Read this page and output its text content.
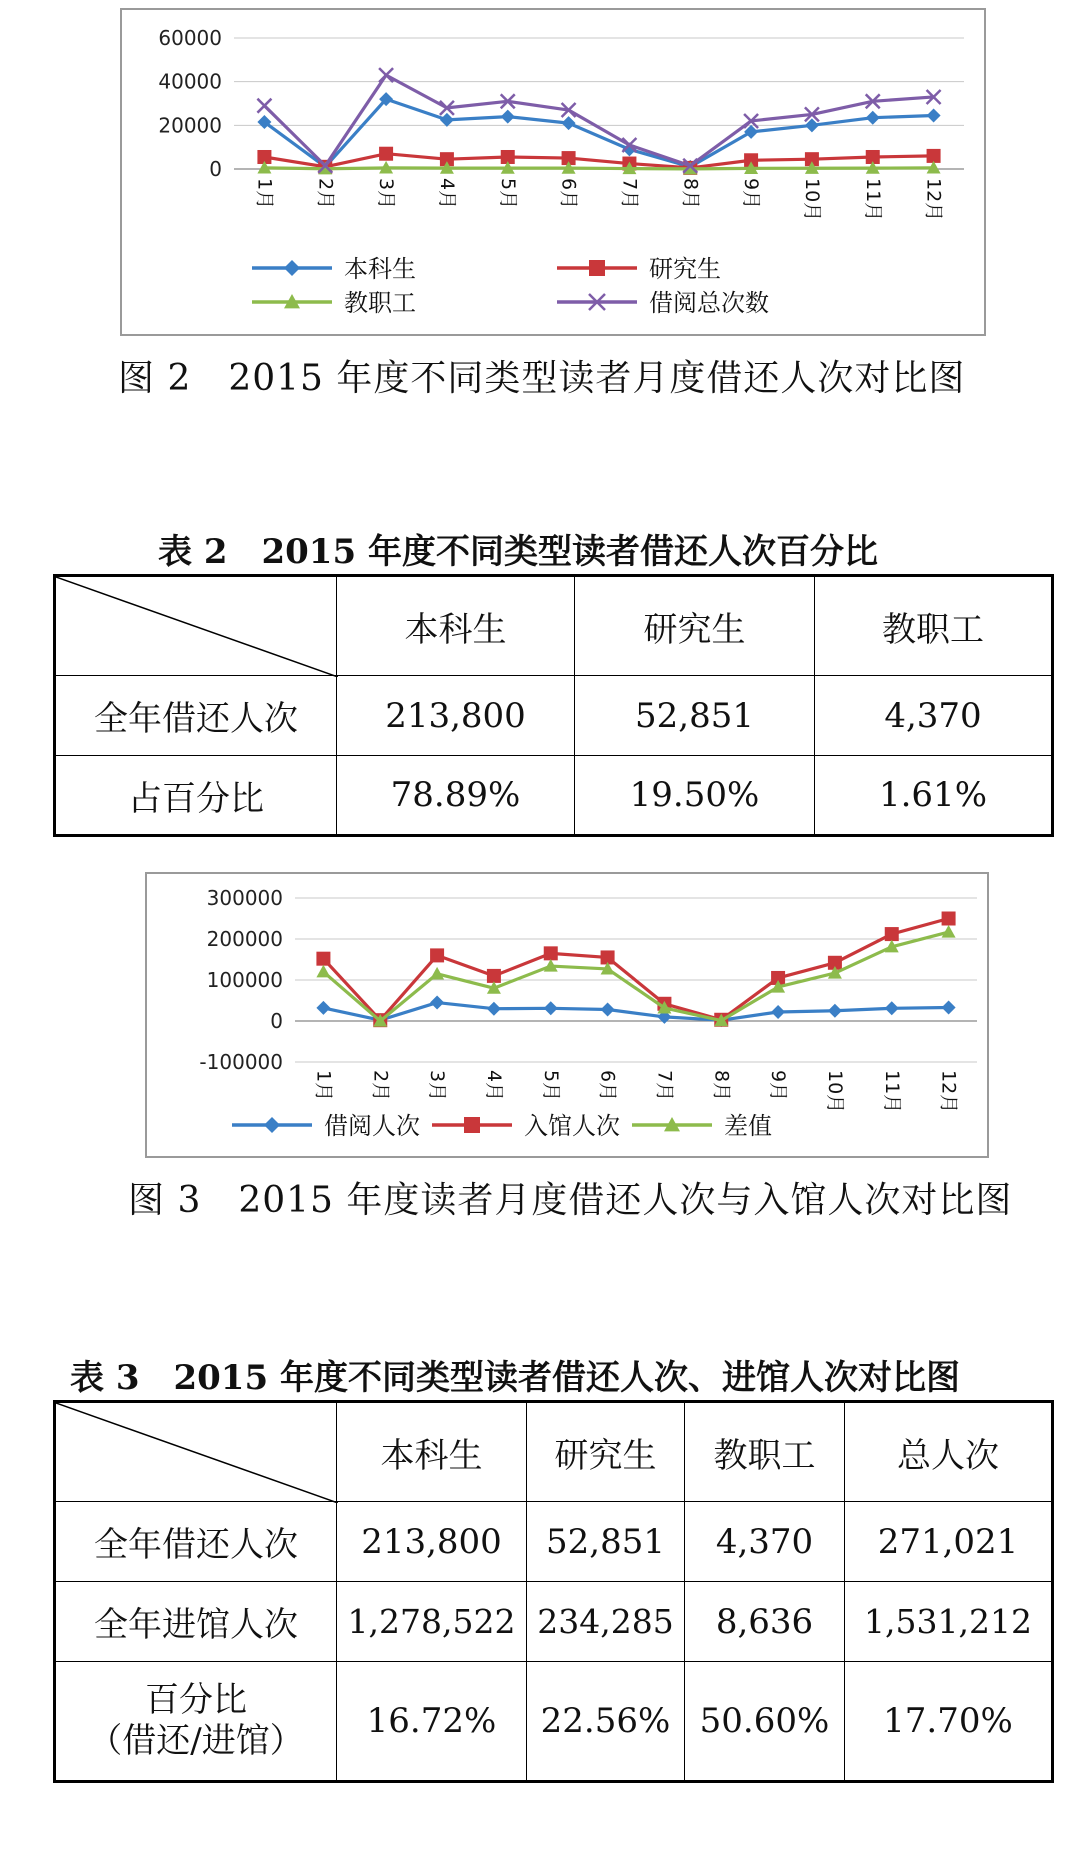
60000
40000
20000
0
1月 2月 3月 4月 5月 6月 7月 8月 9月 10月 11月 12月
本科生	研究生
教职工	借阅总次数
图 2　2015 年度不同类型读者月度借还人次对比图
表 2　2015 年度不同类型读者借还人次百分比
	本科生	研究生	教职工
全年借还人次	213,800	52,851	4,370
占百分比	78.89%	19.50%	1.61%
300000
200000
100000
0
-100000
1月 2月 3月 4月 5月 6月 7月 8月 9月 10月 11月 12月
借阅人次	入馆人次	差值
图 3　2015 年度读者月度借还人次与入馆人次对比图
表 3　2015 年度不同类型读者借还人次、进馆人次对比图
	本科生	研究生	教职工	总人次
全年借还人次	213,800	52,851	4,370	271,021
全年进馆人次	1,278,522	234,285	8,636	1,531,212

百分比
（借还/进馆）	16.72%	22.56%	50.60%	17.70%
